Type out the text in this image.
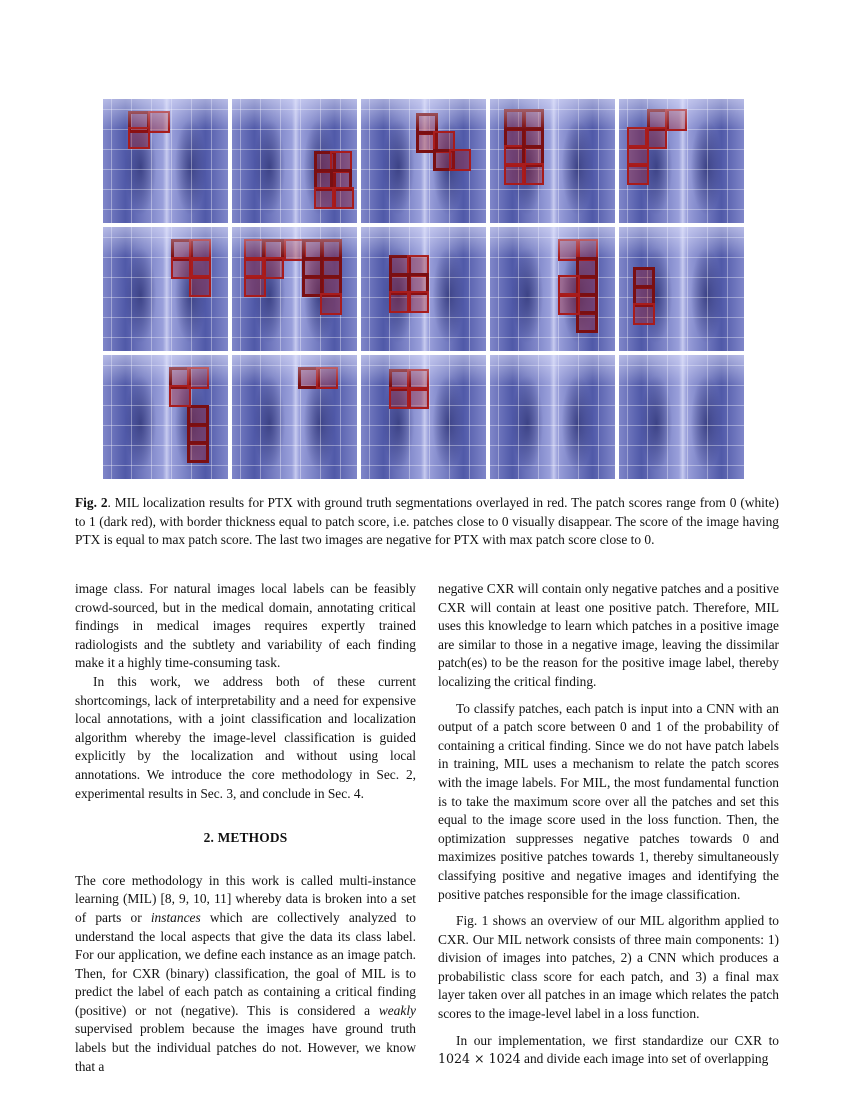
Fig. 2. MIL localization results for PTX with ground truth segmentations overlayed in red. The patch scores range from 0 (white) to 1 (dark red), with border thickness equal to patch score, i.e. patches close to 0 visually disappear. The score of the image having PTX is equal to max patch score. The last two images are negative for PTX with max patch score close to 0.

image class. For natural images local labels can be feasibly crowd-sourced, but in the medical domain, annotating critical findings in medical images requires expertly trained radiologists and the subtlety and variability of each finding make it a highly time-consuming task.

In this work, we address both of these current shortcomings, lack of interpretability and a need for expensive local annotations, with a joint classification and localization algorithm whereby the image-level classification is guided explicitly by the localization and without using local annotations. We introduce the core methodology in Sec. 2, experimental results in Sec. 3, and conclude in Sec. 4.

2. METHODS

The core methodology in this work is called multi-instance learning (MIL) [8, 9, 10, 11] whereby data is broken into a set of parts or instances which are collectively analyzed to understand the local aspects that give the data its class label. For our application, we define each instance as an image patch. Then, for CXR (binary) classification, the goal of MIL is to predict the label of each patch as containing a critical finding (positive) or not (negative). This is considered a weakly supervised problem because the images have ground truth labels but the individual patches do not. However, we know that a

negative CXR will contain only negative patches and a positive CXR will contain at least one positive patch. Therefore, MIL uses this knowledge to learn which patches in a positive image are similar to those in a negative image, leaving the dissimilar patch(es) to be the reason for the positive image label, thereby localizing the critical finding.

To classify patches, each patch is input into a CNN with an output of a patch score between 0 and 1 of the probability of containing a critical finding. Since we do not have patch labels in training, MIL uses a mechanism to relate the patch scores with the image labels. For MIL, the most fundamental function is to take the maximum score over all the patches and set this equal to the image score used in the loss function. Then, the optimization suppresses negative patches towards 0 and maximizes positive patches towards 1, thereby simultaneously classifying positive and negative images and identifying the positive patches responsible for the image classification.

Fig. 1 shows an overview of our MIL algorithm applied to CXR. Our MIL network consists of three main components: 1) division of images into patches, 2) a CNN which produces a probabilistic class score for each patch, and 3) a final max layer taken over all patches in an image which relates the patch scores to the image-level label in a loss function.

In our implementation, we first standardize our CXR to 1024 × 1024 and divide each image into set of overlapping
